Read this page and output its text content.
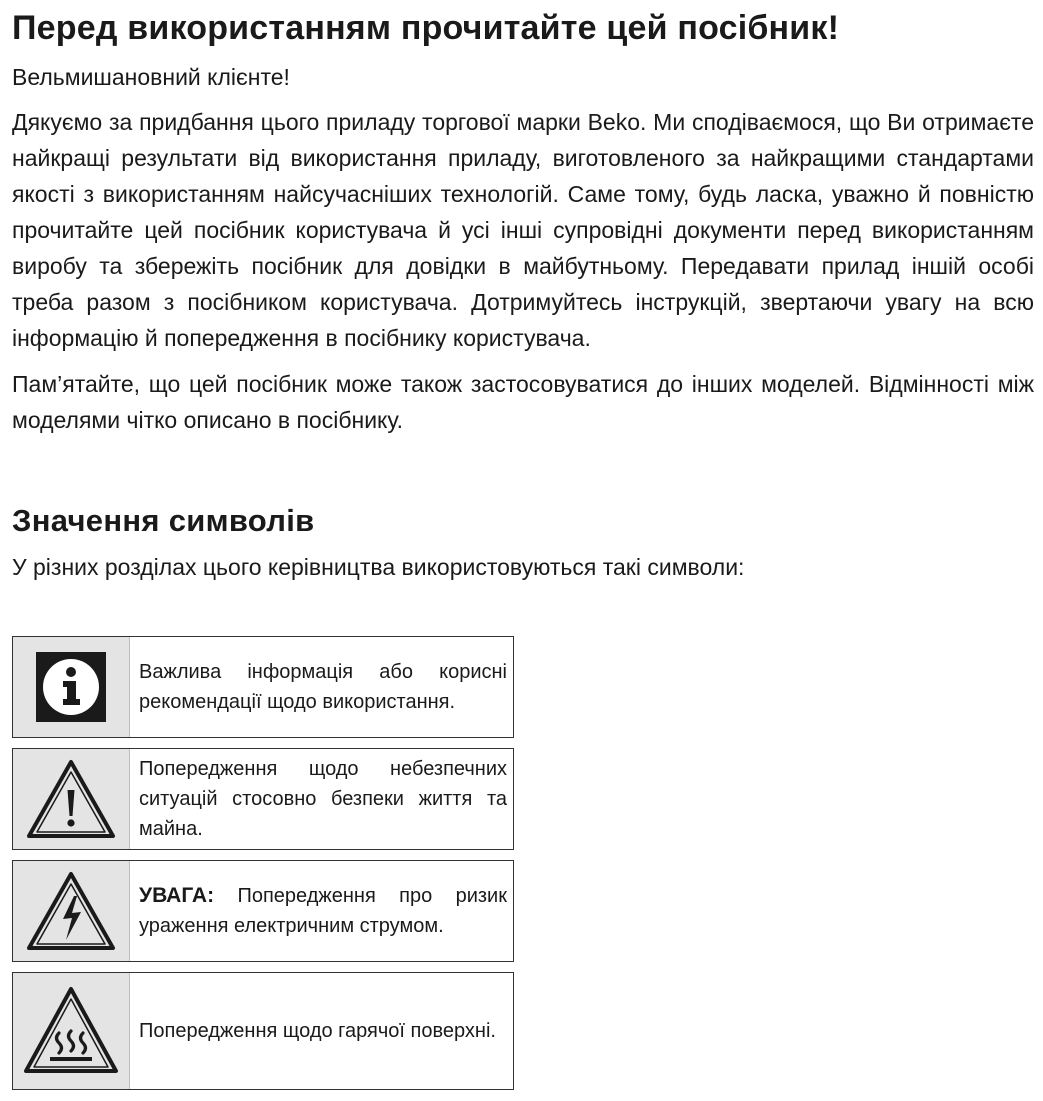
Перед використанням прочитайте цей посібник!

Вельмишановний клієнте!

Дякуємо за придбання цього приладу торгової марки Beko. Ми сподіваємося, що Ви отримаєте найкращі результати від використання приладу, виготовленого за найкращими стандартами якості з використанням найсучасніших технологій. Саме тому, будь ласка, уважно й повністю прочитайте цей посібник користувача й усі інші супровідні документи перед використанням виробу та збережіть посібник для довідки в майбутньому. Передавати прилад іншій особі треба разом з посібником користувача. Дотримуйтесь інструкцій, звертаючи увагу на всю інформацію й попередження в посібнику користувача.

Пам’ятайте, що цей посібник може також застосовуватися до інших моделей. Відмінності між моделями чітко описано в посібнику.

Значення символів

У різних розділах цього керівництва використовуються такі символи:

Важлива інформація або корисні рекомендації щодо використання.
Попередження щодо небезпечних ситуацій стосовно безпеки життя та майна.
УВАГА: Попередження про ризик ураження електричним струмом.
Попередження щодо гарячої поверхні.
